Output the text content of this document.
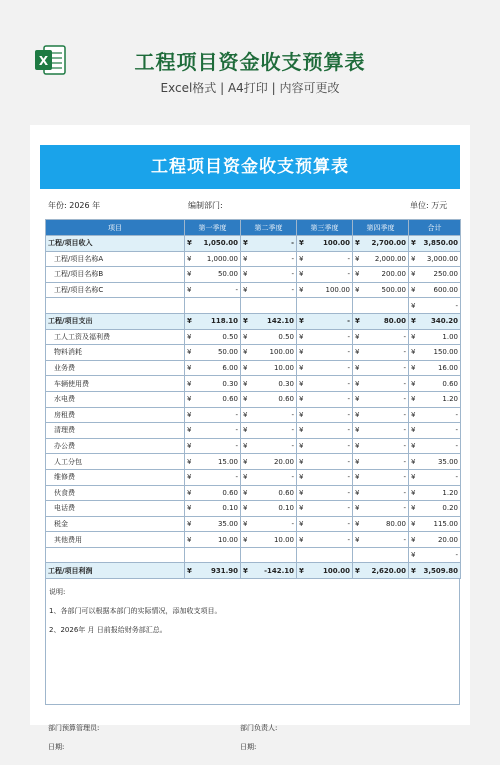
X	工程项目资金收支预算表
Excel格式 | A4打印 | 内容可更改
工程项目资金收支预算表
年份: 2026 年	编制部门:	单位: 万元
项目	第一季度	第二季度	第三季度	第四季度	合计
工程/项目收入	¥ 1,050.00	¥ -	¥ 100.00	¥ 2,700.00	¥ 3,850.00
工程/项目名称A	¥ 1,000.00	¥ -	¥ -	¥ 2,000.00	¥ 3,000.00
工程/项目名称B	¥ 50.00	¥ -	¥ -	¥ 200.00	¥ 250.00
工程/项目名称C	¥ -	¥ -	¥ 100.00	¥ 500.00	¥ 600.00

					¥ -
工程/项目支出	¥ 118.10	¥ 142.10	¥ -	¥ 80.00	¥ 340.20
工人工资及福利费	¥ 0.50	¥ 0.50	¥ -	¥ -	¥ 1.00
物料消耗	¥ 50.00	¥ 100.00	¥ -	¥ -	¥ 150.00
业务费	¥ 6.00	¥ 10.00	¥ -	¥ -	¥ 16.00
车辆使用费	¥ 0.30	¥ 0.30	¥ -	¥ -	¥ 0.60
水电费	¥ 0.60	¥ 0.60	¥ -	¥ -	¥ 1.20
房租费	¥ -	¥ -	¥ -	¥ -	¥ -
清理费	¥ -	¥ -	¥ -	¥ -	¥ -
办公费	¥ -	¥ -	¥ -	¥ -	¥ -
人工分包	¥ 15.00	¥ 20.00	¥ -	¥ -	¥ 35.00
维修费	¥ -	¥ -	¥ -	¥ -	¥ -
伙食费	¥ 0.60	¥ 0.60	¥ -	¥ -	¥ 1.20
电话费	¥ 0.10	¥ 0.10	¥ -	¥ -	¥ 0.20
税金	¥ 35.00	¥ -	¥ -	¥ 80.00	¥ 115.00
其他费用	¥ 10.00	¥ 10.00	¥ -	¥ -	¥ 20.00

					¥ -
工程/项目利润	¥ 931.90	¥ -142.10	¥ 100.00	¥ 2,620.00	¥ 3,509.80
说明:
1、各部门可以根据本部门的实际情况，添加收支项目。
2、2026年 月 日前报给财务部汇总。
部门预算管理员:	部门负责人:
日期:	日期:
